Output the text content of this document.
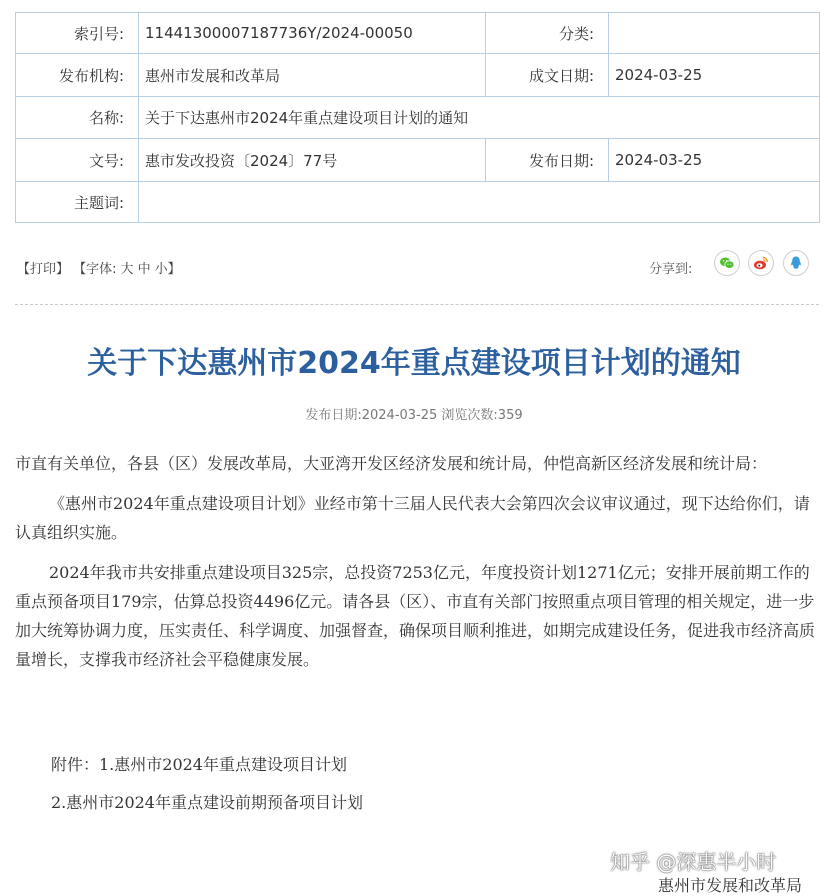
索引号:	11441300007187736Y/2024-00050	分类:	
发布机构:	惠州市发展和改革局	成文日期:	2024-03-25
名称:	关于下达惠州市2024年重点建设项目计划的通知		
文号:	惠市发改投资〔2024〕77号	发布日期:	2024-03-25
主题词:			
【打印】 【字体: 大 中 小】	分享到:
关于下达惠州市2024年重点建设项目计划的通知
发布日期:2024-03-25 浏览次数:359

市直有关单位，各县（区）发展改革局，大亚湾开发区经济发展和统计局，仲恺高新区经济发展和统计局：

《惠州市2024年重点建设项目计划》业经市第十三届人民代表大会第四次会议审议通过，现下达给你们，请认真组织实施。

2024年我市共安排重点建设项目325宗，总投资7253亿元，年度投资计划1271亿元；安排开展前期工作的重点预备项目179宗，估算总投资4496亿元。请各县（区）、市直有关部门按照重点项目管理的相关规定，进一步加大统筹协调力度，压实责任、科学调度、加强督查，确保项目顺利推进，如期完成建设任务，促进我市经济高质量增长，支撑我市经济社会平稳健康发展。

附件：1.惠州市2024年重点建设项目计划
2.惠州市2024年重点建设前期预备项目计划
知乎 @深惠半小时
惠州市发展和改革局
